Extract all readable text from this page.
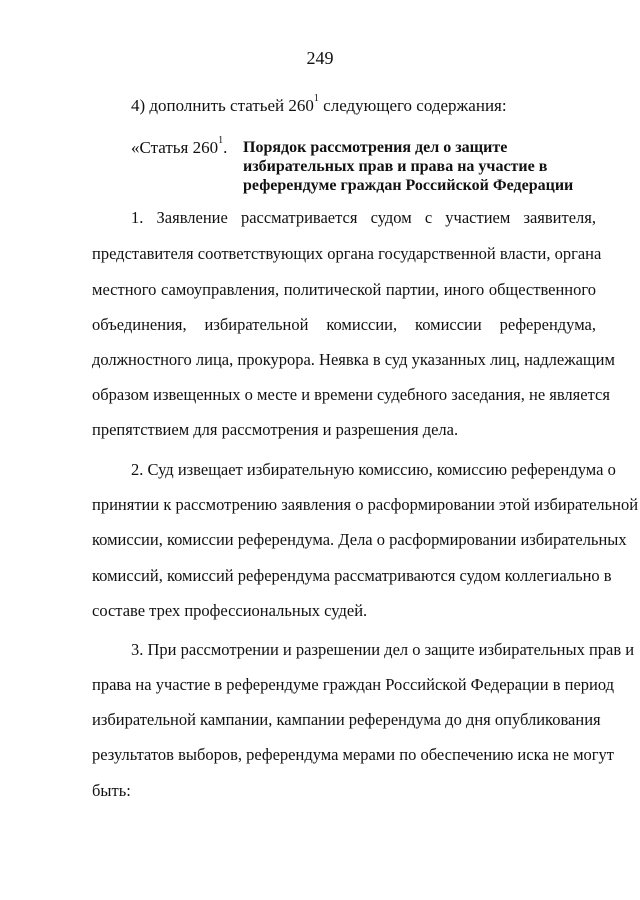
249
4) дополнить статьей $260^1$ следующего содержания:
«Статья $260^1$. Порядок рассмотрения дел о защите
избирательных прав и права на участие в
референдуме граждан Российской Федерации
1. Заявление рассматривается судом с участием заявителя,
представителя соответствующих органа государственной власти, органа
местного самоуправления, политической партии, иного общественного
объединения, избирательной комиссии, комиссии референдума,
должностного лица, прокурора. Неявка в суд указанных лиц, надлежащим
образом извещенных о месте и времени судебного заседания, не является
препятствием для рассмотрения и разрешения дела.
2. Суд извещает избирательную комиссию, комиссию референдума о
принятии к рассмотрению заявления о расформировании этой избирательной
комиссии, комиссии референдума. Дела о расформировании избирательных
комиссий, комиссий референдума рассматриваются судом коллегиально в
составе трех профессиональных судей.
3. При рассмотрении и разрешении дел о защите избирательных прав и
права на участие в референдуме граждан Российской Федерации в период
избирательной кампании, кампании референдума до дня опубликования
результатов выборов, референдума мерами по обеспечению иска не могут
быть:
